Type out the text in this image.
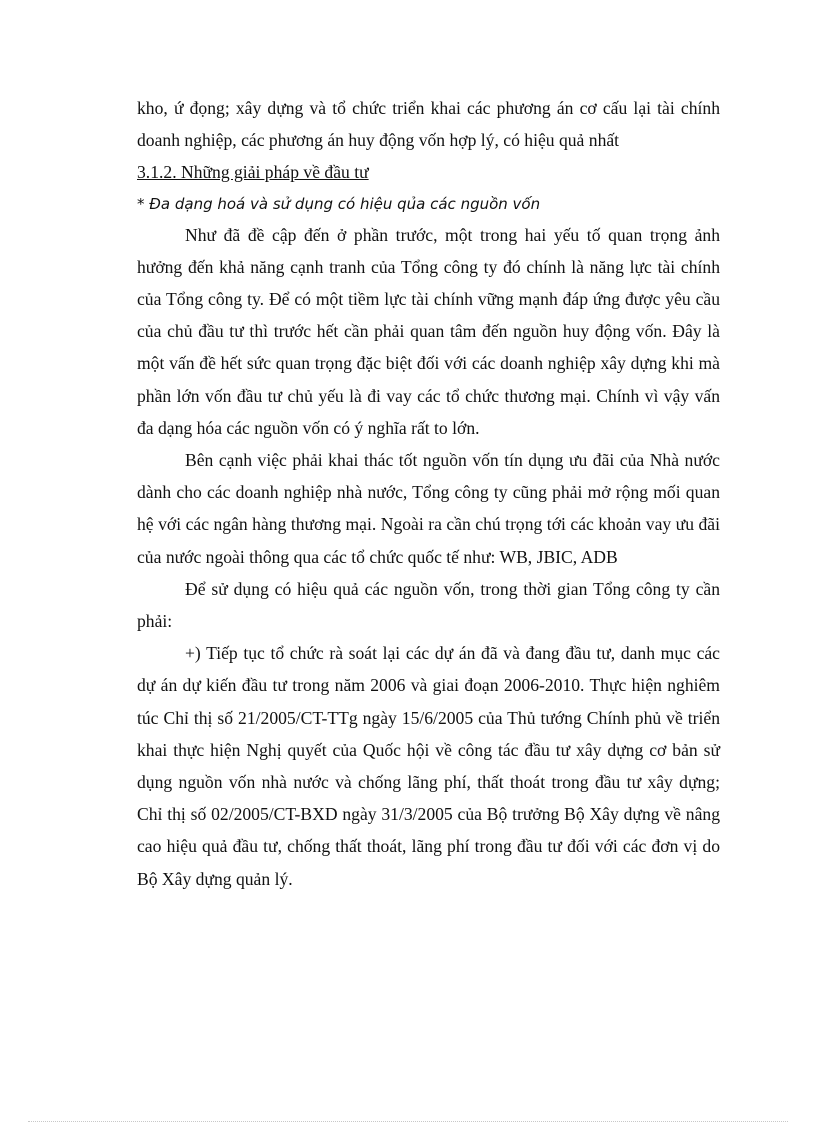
kho, ứ đọng; xây dựng và tổ chức triển khai các phương án cơ cấu lại tài chính doanh nghiệp, các phương án huy động vốn hợp lý, có hiệu quả nhất

3.1.2. Những giải pháp về đầu tư

* Đa dạng hoá và sử dụng có hiệu qủa các nguồn vốn

Như đã đề cập đến ở phần trước, một trong hai yếu tố quan trọng ảnh hưởng đến khả năng cạnh tranh của Tổng công ty đó chính là năng lực tài chính của Tổng công ty. Để có một tiềm lực tài chính vững mạnh đáp ứng được yêu cầu của chủ đầu tư thì trước hết cần phải quan tâm đến nguồn huy động vốn. Đây là một vấn đề hết sức quan trọng đặc biệt đối với các doanh nghiệp xây dựng khi mà phần lớn vốn đầu tư chủ yếu là đi vay các tổ chức thương mại. Chính vì vậy vấn đa dạng hóa các nguồn vốn có ý nghĩa rất to lớn.

Bên cạnh việc phải khai thác tốt nguồn vốn tín dụng ưu đãi của Nhà nước dành cho các doanh nghiệp nhà nước, Tổng công ty cũng phải mở rộng mối quan hệ với các ngân hàng thương mại. Ngoài ra cần chú trọng tới các khoản vay ưu đãi của nước ngoài thông qua các tổ chức quốc tế như: WB, JBIC, ADB

Để sử dụng có hiệu quả các nguồn vốn, trong thời gian Tổng công ty cần phải:

+) Tiếp tục tổ chức rà soát lại các dự án đã và đang đầu tư, danh mục các dự án dự kiến đầu tư trong năm 2006 và giai đoạn 2006-2010. Thực hiện nghiêm túc Chỉ thị số 21/2005/CT-TTg ngày 15/6/2005 của Thủ tướng Chính phủ về triển khai thực hiện Nghị quyết của Quốc hội về công tác đầu tư xây dựng cơ bản sử dụng nguồn vốn nhà nước và chống lãng phí, thất thoát trong đầu tư xây dựng; Chỉ thị số 02/2005/CT-BXD ngày 31/3/2005 của Bộ trưởng Bộ Xây dựng về nâng cao hiệu quả đầu tư, chống thất thoát, lãng phí trong đầu tư đối với các đơn vị do Bộ Xây dựng quản lý.
